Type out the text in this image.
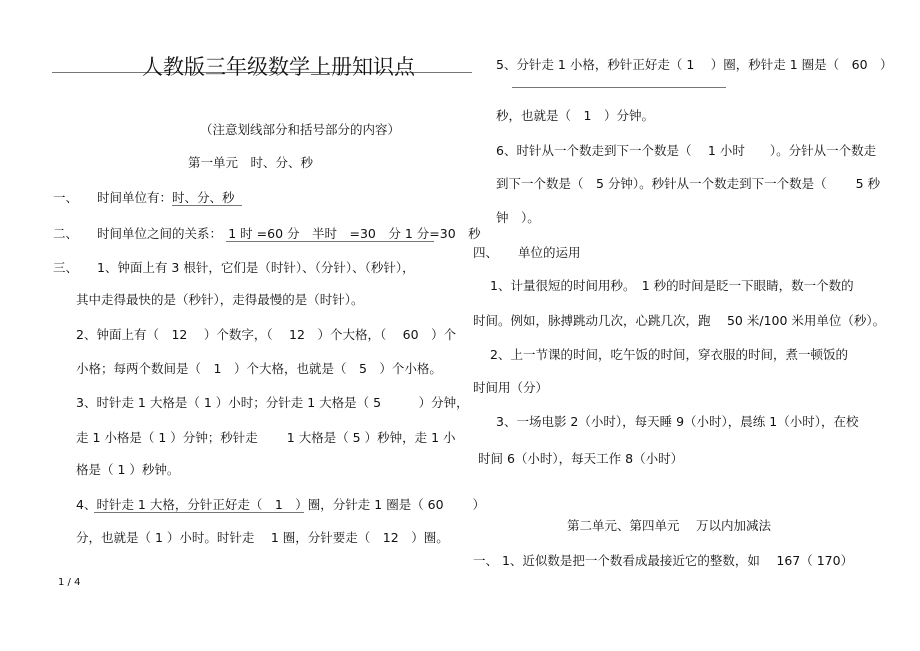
人教版三年级数学上册知识点
（注意划线部分和括号部分的内容）
第一单元　时、分、秒
一、 时间单位有：时、分、秒
二、 时间单位之间的关系：　1 时 =60 分　半时　=30　分 1 分=30　秒
三、 1、钟面上有 3 根针，它们是（时针）、（分针）、（秒针），
其中走得最快的是（秒针），走得最慢的是（时针）。
2、钟面上有（　12　 ）个数字，（　 12　）个大格，（　 60　）个
小格；每两个数间是（　1　）个大格，也就是（　5　）个小格。
3、时针走 1 大格是（ 1 ）小时；分针走 1 大格是（ 5　　　）分钟，
走 1 小格是（ 1 ）分钟；秒针走　　 1 大格是（ 5 ）秒钟，走 1 小
格是（ 1 ）秒钟。
4、时针走 1 大格，分针正好走（　1　）圈，分针走 1 圈是（ 60　　 ）
分，也就是（ 1 ）小时。时针走　 1 圈，分针要走（　12　）圈。
1 / 4
5、分针走 1 小格，秒针正好走（ 1　 ）圈，秒针走 1 圈是（　60　）
秒，也就是（　1　）分钟。
6、时针从一个数走到下一个数是（　 1 小时　　）。分针从一个数走
到下一个数是（　5 分钟）。秒针从一个数走到下一个数是（　　 5 秒
钟　）。
四、 单位的运用
1、计量很短的时间用秒。　1 秒的时间是眨一下眼睛，数一个数的
时间。例如，脉搏跳动几次，心跳几次，跑　 50 米/100 米用单位（秒）。
2、上一节课的时间，吃午饭的时间，穿衣服的时间，煮一顿饭的
时间用（分）
3、一场电影 2（小时），每天睡 9（小时），晨练 1（小时），在校
时间 6（小时），每天工作 8（小时）
第二单元、第四单元　 万以内加减法
一、 1、近似数是把一个数看成最接近它的整数，如　 167（ 170）
